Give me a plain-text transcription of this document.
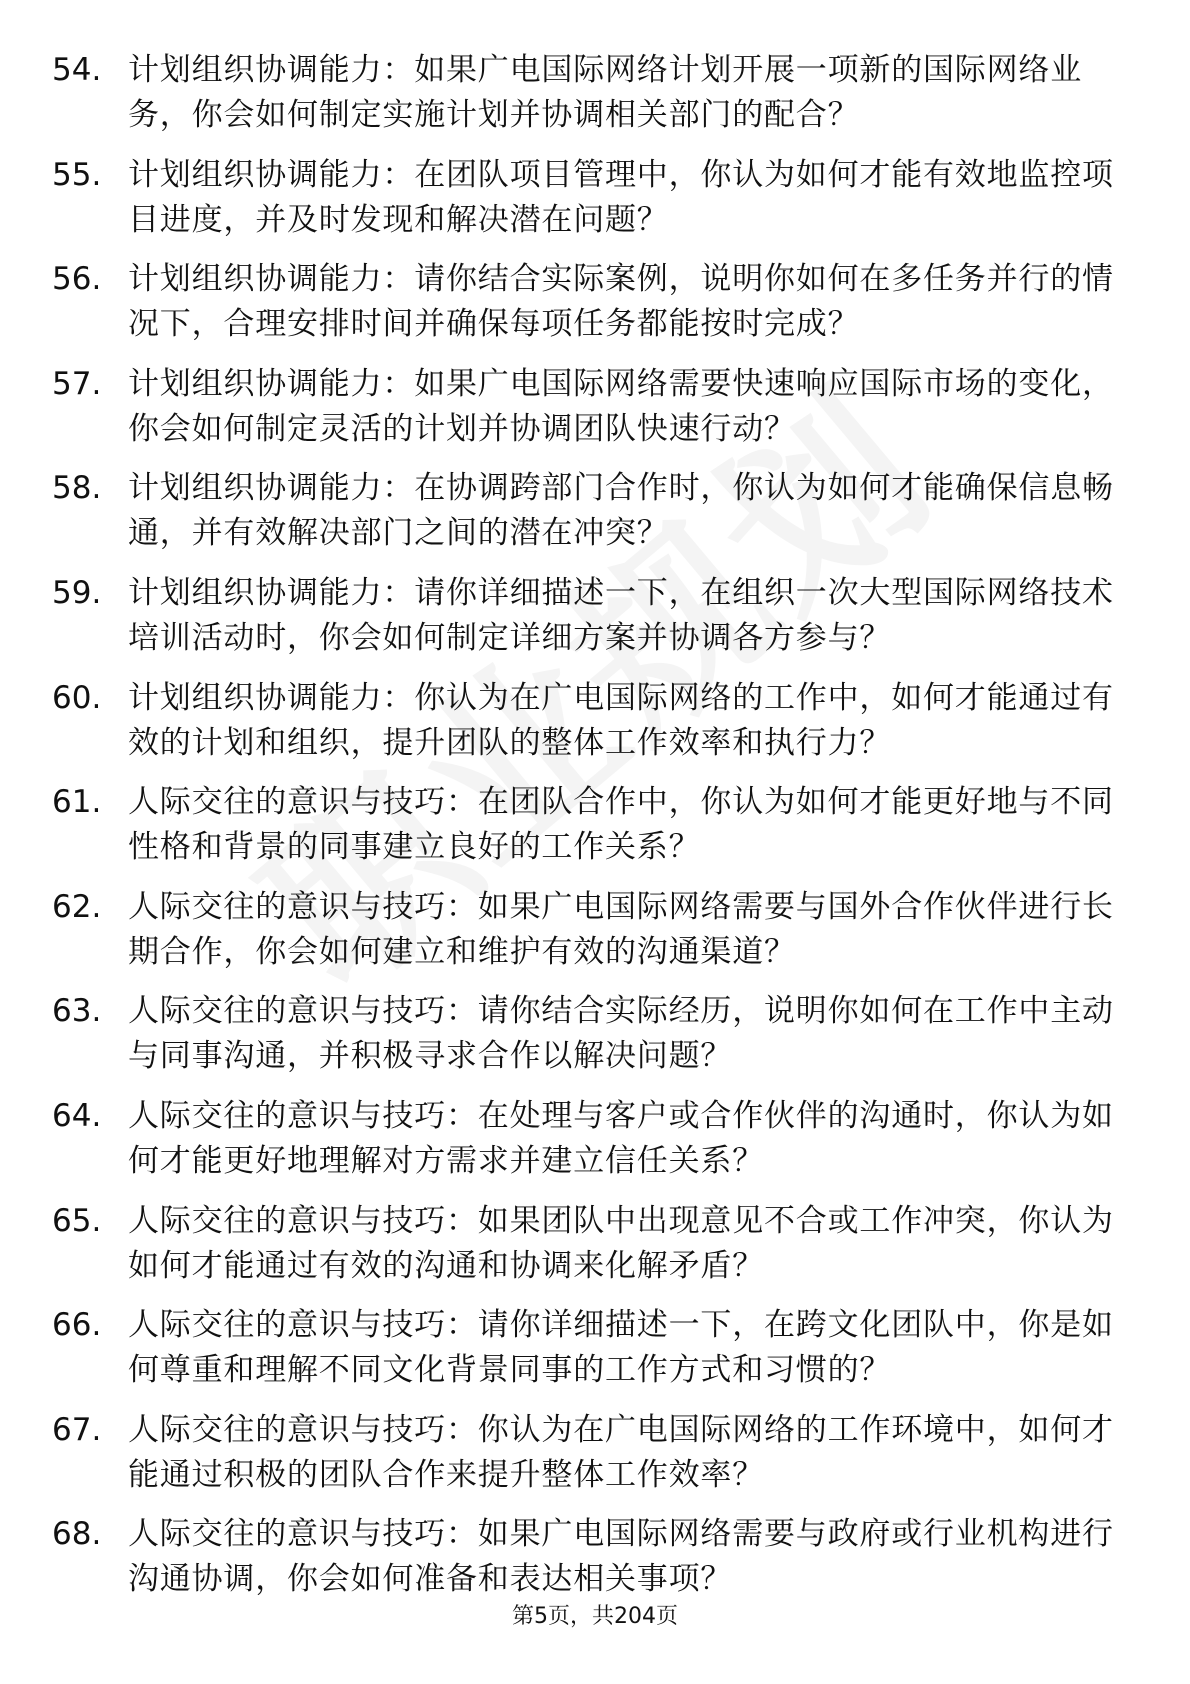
54. 计划组织协调能力：如果广电国际网络计划开展一项新的国际网络业务，你会如何制定实施计划并协调相关部门的配合？
55. 计划组织协调能力：在团队项目管理中，你认为如何才能有效地监控项目进度，并及时发现和解决潜在问题？
56. 计划组织协调能力：请你结合实际案例，说明你如何在多任务并行的情况下，合理安排时间并确保每项任务都能按时完成？
57. 计划组织协调能力：如果广电国际网络需要快速响应国际市场的变化，你会如何制定灵活的计划并协调团队快速行动？
58. 计划组织协调能力：在协调跨部门合作时，你认为如何才能确保信息畅通，并有效解决部门之间的潜在冲突？
59. 计划组织协调能力：请你详细描述一下，在组织一次大型国际网络技术培训活动时，你会如何制定详细方案并协调各方参与？
60. 计划组织协调能力：你认为在广电国际网络的工作中，如何才能通过有效的计划和组织，提升团队的整体工作效率和执行力？
61. 人际交往的意识与技巧：在团队合作中，你认为如何才能更好地与不同性格和背景的同事建立良好的工作关系？
62. 人际交往的意识与技巧：如果广电国际网络需要与国外合作伙伴进行长期合作，你会如何建立和维护有效的沟通渠道？
63. 人际交往的意识与技巧：请你结合实际经历，说明你如何在工作中主动与同事沟通，并积极寻求合作以解决问题？
64. 人际交往的意识与技巧：在处理与客户或合作伙伴的沟通时，你认为如何才能更好地理解对方需求并建立信任关系？
65. 人际交往的意识与技巧：如果团队中出现意见不合或工作冲突，你认为如何才能通过有效的沟通和协调来化解矛盾？
66. 人际交往的意识与技巧：请你详细描述一下，在跨文化团队中，你是如何尊重和理解不同文化背景同事的工作方式和习惯的？
67. 人际交往的意识与技巧：你认为在广电国际网络的工作环境中，如何才能通过积极的团队合作来提升整体工作效率？
68. 人际交往的意识与技巧：如果广电国际网络需要与政府或行业机构进行沟通协调，你会如何准备和表达相关事项？
第5页，共204页
